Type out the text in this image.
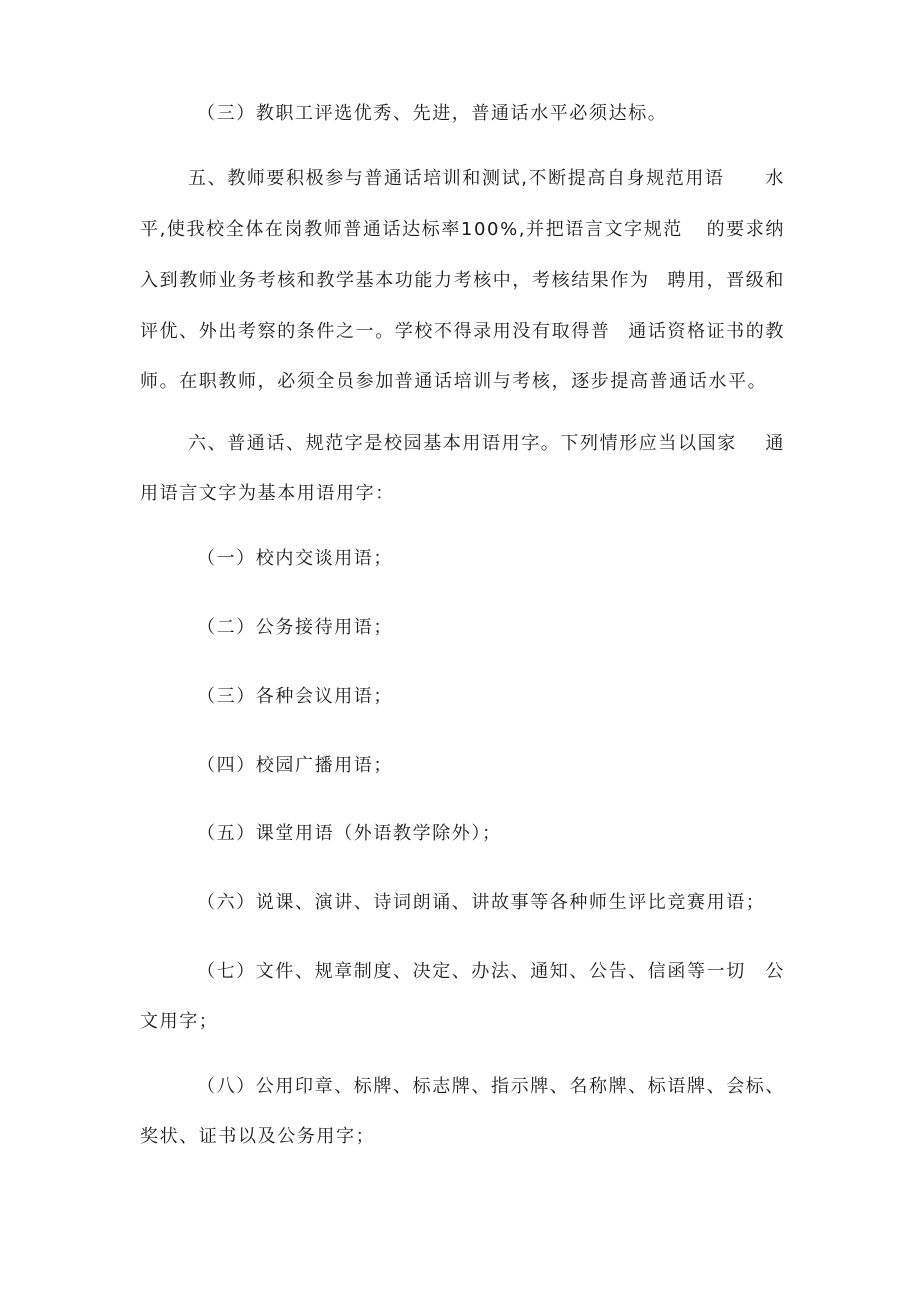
（三）教职工评选优秀、先进，普通话水平必须达标。
五、教师要积极参与普通话培训和测试,不断提高自身规范用语 水
平,使我校全体在岗教师普通话达标率100%,并把语言文字规范 的要求纳
入到教师业务考核和教学基本功能力考核中，考核结果作为 聘用，晋级和
评优、外出考察的条件之一。学校不得录用没有取得普 通话资格证书的教
师。在职教师，必须全员参加普通话培训与考核，逐步提高普通话水平。
六、普通话、规范字是校园基本用语用字。下列情形应当以国家 通
用语言文字为基本用语用字：
（一）校内交谈用语；
（二）公务接待用语；
（三）各种会议用语；
（四）校园广播用语；
（五）课堂用语（外语教学除外）；
（六）说课、演讲、诗词朗诵、讲故事等各种师生评比竞赛用语；
（七）文件、规章制度、决定、办法、通知、公告、信函等一切 公
文用字；
（八）公用印章、标牌、标志牌、指示牌、名称牌、标语牌、会 标、
奖状、证书以及公务用字；
